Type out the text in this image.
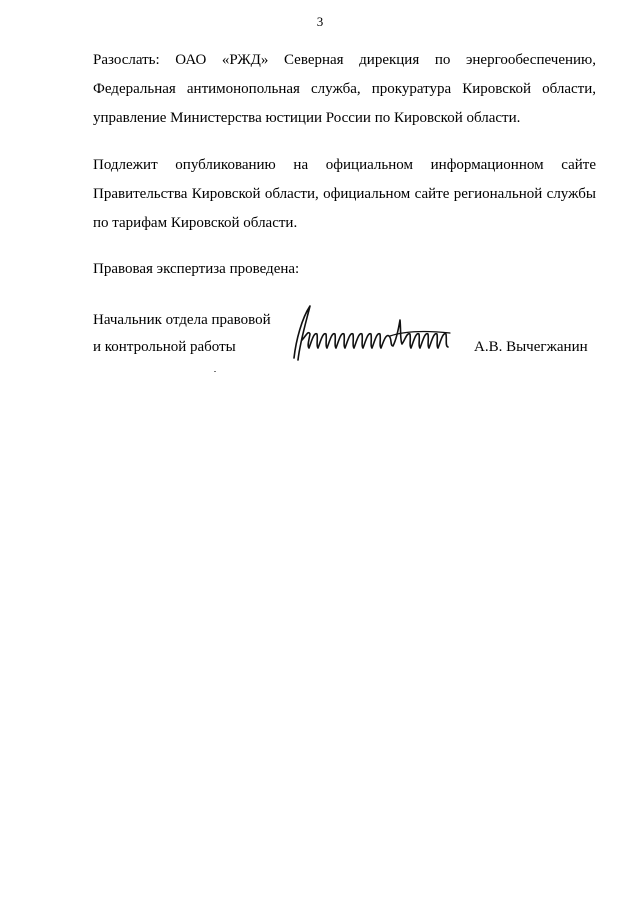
3

Разослать: ОАО «РЖД» Северная дирекция по энергообеспечению, Федеральная антимонопольная служба, прокуратура Кировской области, управление Министерства юстиции России по Кировской области.

Подлежит опубликованию на официальном информационном сайте Правительства Кировской области, официальном сайте региональной службы по тарифам Кировской области.

Правовая экспертиза проведена:

Начальник отдела правовой
и контрольной работы	А.В. Вычегжанин
